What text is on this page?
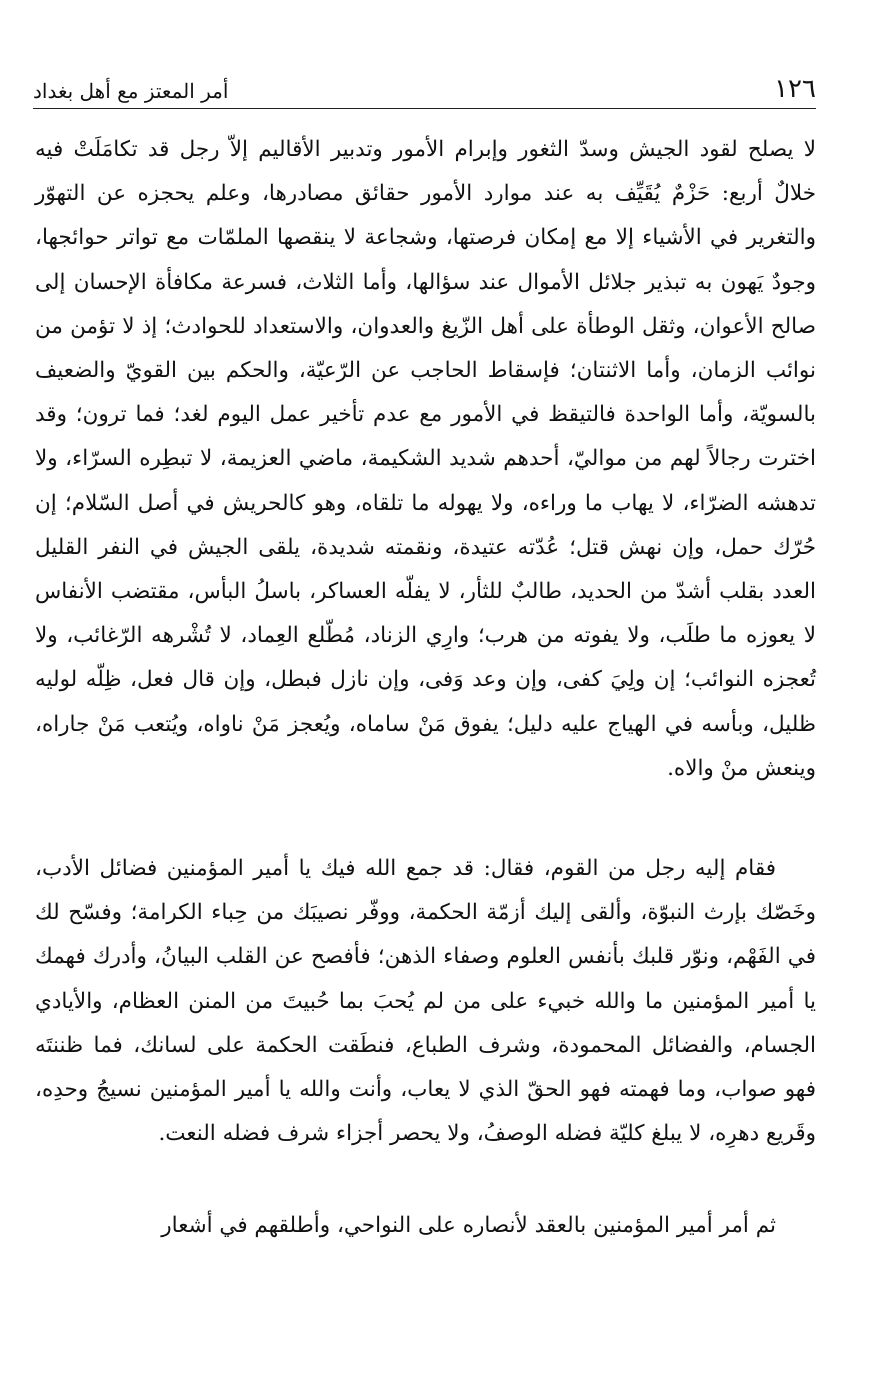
١٢٦
أمر المعتز مع أهل بغداد

لا يصلح لقود الجيش وسدّ الثغور وإبرام الأمور وتدبير الأقاليم إلاّ رجل قد تكامَلَتْ فيه خلالٌ أربع: حَزْمٌ يُقَيِّف به عند موارد الأمور حقائق مصادرها، وعلم يحجزه عن التهوّر والتغرير في الأشياء إلا مع إمكان فرصتها، وشجاعة لا ينقصها الملمّات مع تواتر حوائجها، وجودٌ يَهون به تبذير جلائل الأموال عند سؤالها، وأما الثلاث، فسرعة مكافأة الإحسان إلى صالح الأعوان، وثقل الوطأة على أهل الزّيغ والعدوان، والاستعداد للحوادث؛ إذ لا تؤمن من نوائب الزمان، وأما الاثنتان؛ فإسقاط الحاجب عن الرّعيّة، والحكم بين القويّ والضعيف بالسويّة، وأما الواحدة فالتيقظ في الأمور مع عدم تأخير عمل اليوم لغد؛ فما ترون؛ وقد اخترت رجالاً لهم من مواليّ، أحدهم شديد الشكيمة، ماضي العزيمة، لا تبطِره السرّاء، ولا تدهشه الضرّاء، لا يهاب ما وراءه، ولا يهوله ما تلقاه، وهو كالحريش في أصل السّلام؛ إن حُرّك حمل، وإن نهش قتل؛ عُدّته عتيدة، ونقمته شديدة، يلقى الجيش في النفر القليل العدد بقلب أشدّ من الحديد، طالبٌ للثأر، لا يفلّه العساكر، باسلُ البأس، مقتضب الأنفاس لا يعوزه ما طلَب، ولا يفوته من هرب؛ وارِي الزناد، مُطّلع العِماد، لا تُشْرهه الرّغائب، ولا تُعجزه النوائب؛ إن ولِيَ كفى، وإن وعد وَفى، وإن نازل فبطل، وإن قال فعل، ظِلّه لوليه ظليل، وبأسه في الهياج عليه دليل؛ يفوق مَنْ ساماه، ويُعجز مَنْ ناواه، ويُتعب مَنْ جاراه، وينعش منْ والاه.

فقام إليه رجل من القوم، فقال: قد جمع الله فيك يا أمير المؤمنين فضائل الأدب، وخَصّك بإرث النبوّة، وألقى إليك أزمّة الحكمة، ووفّر نصيبَك من حِباء الكرامة؛ وفسّح لك في الفَهْم، ونوّر قلبك بأنفس العلوم وصفاء الذهن؛ فأفصح عن القلب البيانُ، وأدرك فهمك يا أمير المؤمنين ما والله خبيء على من لم يُحبَ بما حُبيتَ من المنن العظام، والأيادي الجسام، والفضائل المحمودة، وشرف الطباع، فنطَقت الحكمة على لسانك، فما ظننتَه فهو صواب، وما فهمته فهو الحقّ الذي لا يعاب، وأنت والله يا أمير المؤمنين نسيجُ وحدِه، وقَريع دهرِه، لا يبلغ كليّة فضله الوصفُ، ولا يحصر أجزاء شرف فضله النعت.

ثم أمر أمير المؤمنين بالعقد لأنصاره على النواحي، وأطلقهم في أشعار
